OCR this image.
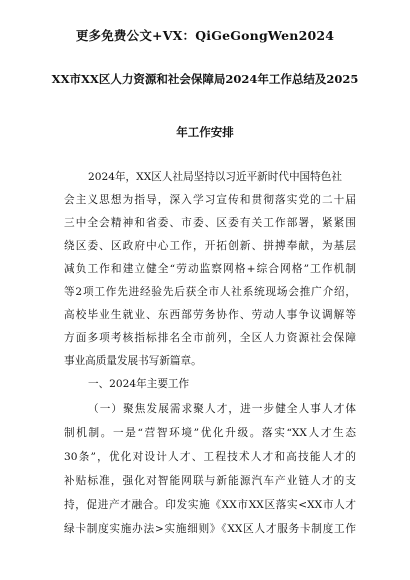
更多免费公文+VX：QiGeGongWen2024
XX市XX区人力资源和社会保障局2024年工作总结及2025
年工作安排
2024年，XX区人社局坚持以习近平新时代中国特色社
会主义思想为指导，深入学习宣传和贯彻落实党的二十届
三中全会精神和省委、市委、区委有关工作部署，紧紧围
绕区委、区政府中心工作，开拓创新、拼搏奉献，为基层
减负工作和建立健全“劳动监察网格+综合网格”工作机制
等2项工作先进经验先后获全市人社系统现场会推广介绍，
高校毕业生就业、东西部劳务协作、劳动人事争议调解等
方面多项考核指标排名全市前列，全区人力资源社会保障
事业高质量发展书写新篇章。
一、2024年主要工作
（一）聚焦发展需求聚人才，进一步健全人事人才体
制机制。一是“营智环境”优化升级。落实“XX人才生态
30条”，优化对设计人才、工程技术人才和高技能人才的
补贴标准，强化对智能网联与新能源汽车产业链人才的支
持，促进产才融合。印发实施《XX市XX区落实<XX市人才
绿卡制度实施办法>实施细则》《XX区人才服务卡制度工作
